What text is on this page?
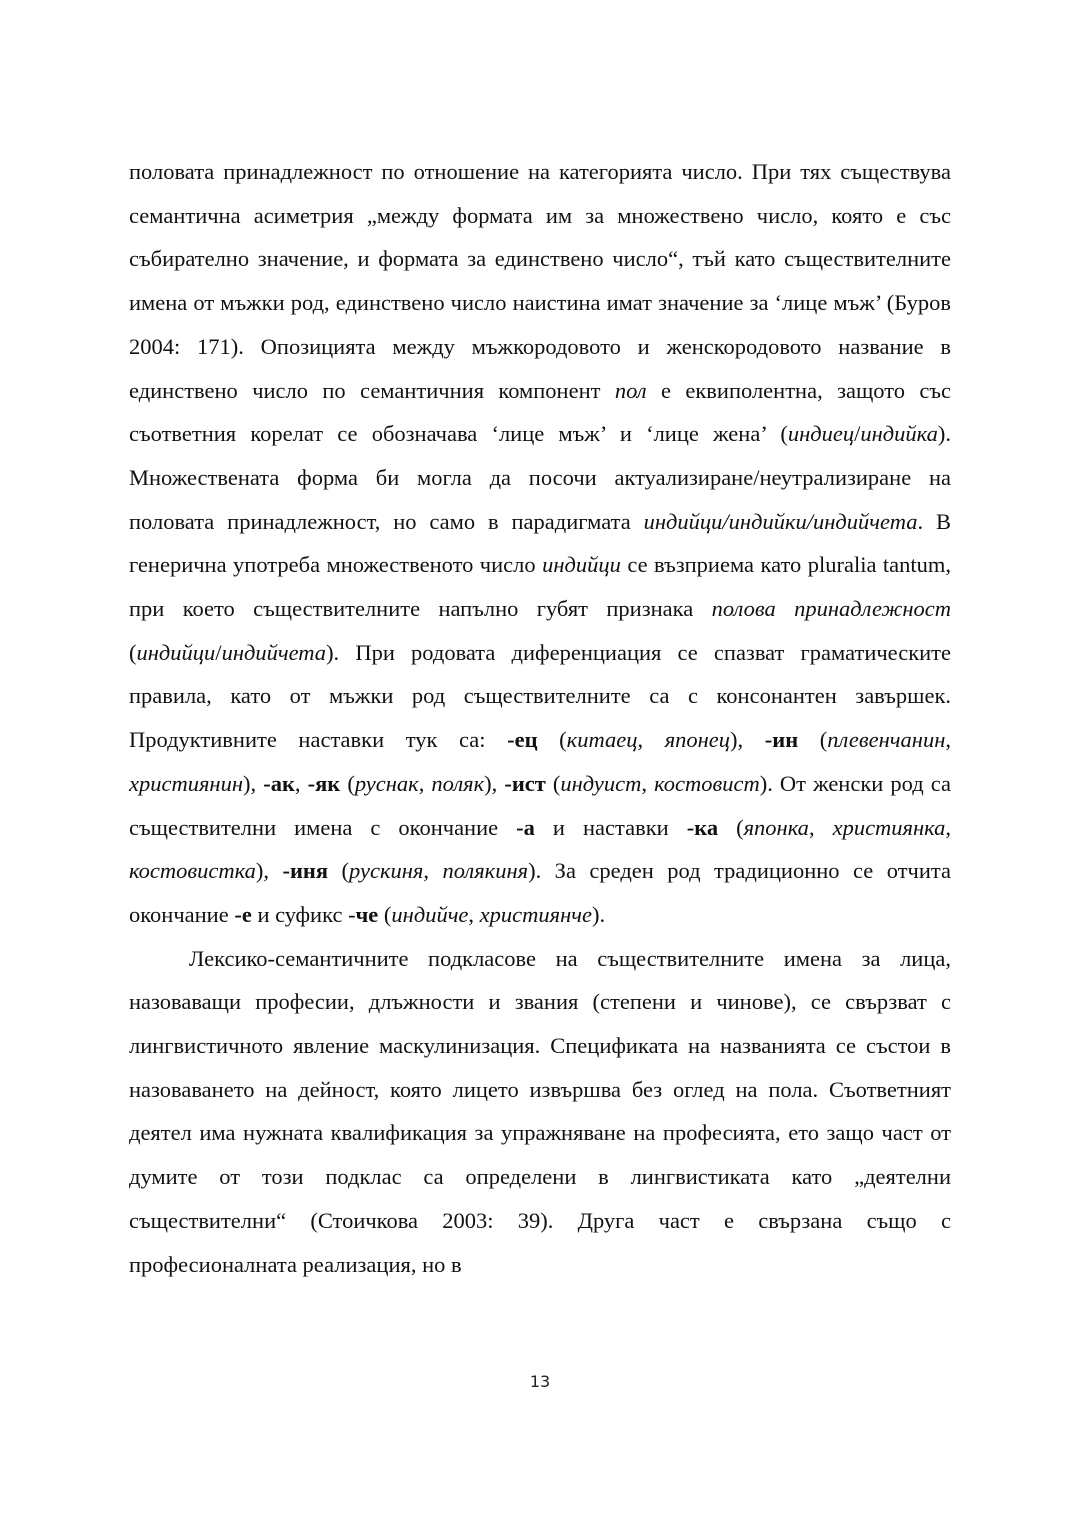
половата принадлежност по отношение на категорията число. При тях съществува семантична асиметрия „между формата им за множествено число, която е със събирателно значение, и формата за единствено число“, тъй като съществителните имена от мъжки род, единствено число наистина имат значение за ‘лице мъж’ (Буров 2004: 171). Опозицията между мъжкородовото и женскородовото название в единствено число по семантичния компонент пол е еквиполентна, защото със съответния корелат се обозначава ‘лице мъж’ и ‘лице жена’ (индиец/индийка). Множествената форма би могла да посочи актуализиране/неутрализиране на половата принадлежност, но само в парадигмата индийци/индийки/индийчета. В генерична употреба множественото число индийци се възприема като pluralia tantum, при което съществителните напълно губят признака полова принадлежност (индийци/индийчета). При родовата диференциация се спазват граматическите правила, като от мъжки род съществителните са с консонантен завършек. Продуктивните наставки тук са: -ец (китаец, японец), -ин (плевенчанин, християнин), -ак, -як (руснак, поляк), -ист (индуист, костовист). От женски род са съществителни имена с окончание -а и наставки -ка (японка, християнка, костовистка), -иня (рускиня, полякиня). За среден род традиционно се отчита окончание -е и суфикс -че (индийче, християнче).

Лексико-семантичните подкласове на съществителните имена за лица, назоваващи професии, длъжности и звания (степени и чинове), се свързват с лингвистичното явление маскулинизация. Спецификата на названията се състои в назоваването на дейност, която лицето извършва без оглед на пола. Съответният деятел има нужната квалификация за упражняване на професията, ето защо част от думите от този подклас са определени в лингвистиката като „деятелни съществителни“ (Стоичкова 2003: 39). Друга част е свързана също с професионалната реализация, но в

13
